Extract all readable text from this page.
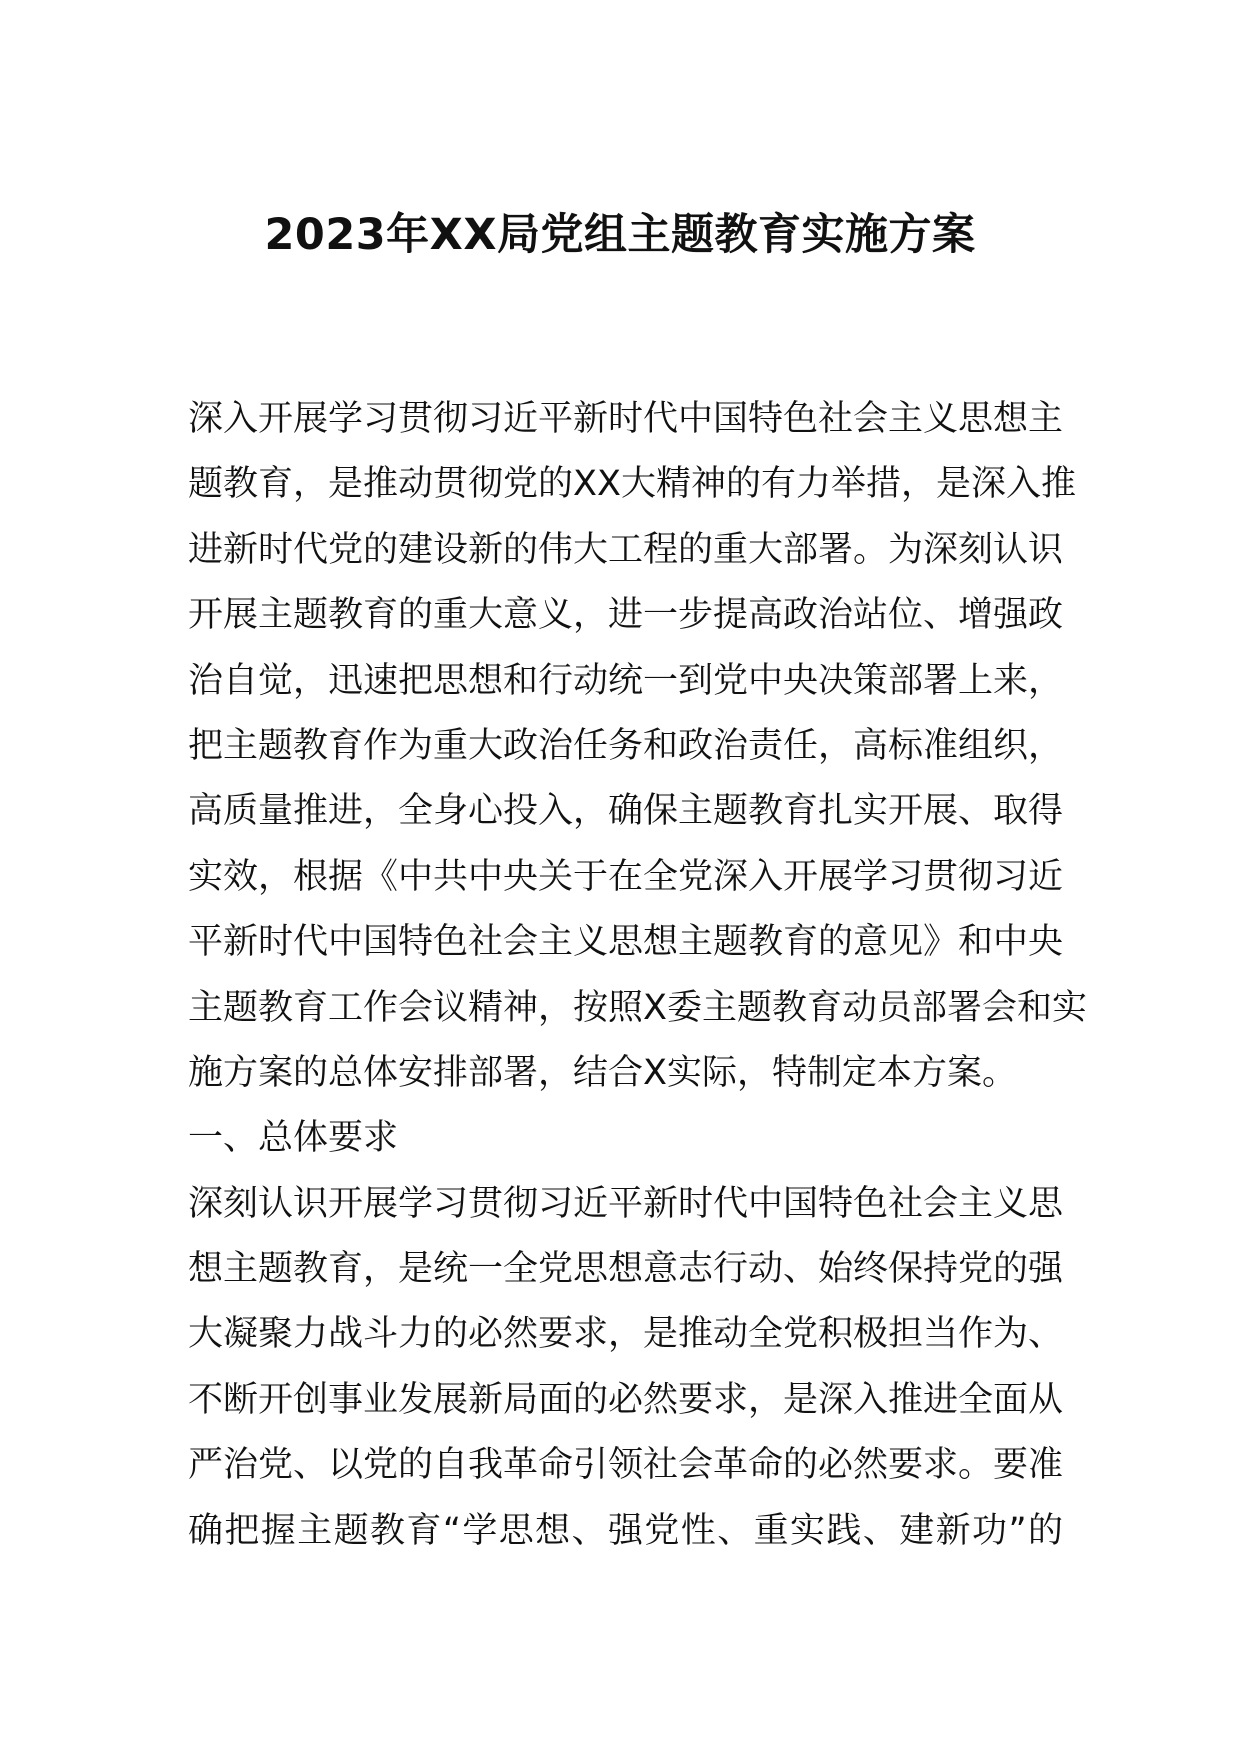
2023年XX局党组主题教育实施方案
深入开展学习贯彻习近平新时代中国特色社会主义思想主
题教育，是推动贯彻党的XX大精神的有力举措，是深入推
进新时代党的建设新的伟大工程的重大部署。为深刻认识
开展主题教育的重大意义，进一步提高政治站位、增强政
治自觉，迅速把思想和行动统一到党中央决策部署上来，
把主题教育作为重大政治任务和政治责任，高标准组织，
高质量推进，全身心投入，确保主题教育扎实开展、取得
实效，根据《中共中央关于在全党深入开展学习贯彻习近
平新时代中国特色社会主义思想主题教育的意见》和中央
主题教育工作会议精神，按照X委主题教育动员部署会和实
施方案的总体安排部署，结合X实际，特制定本方案。
一、总体要求
深刻认识开展学习贯彻习近平新时代中国特色社会主义思
想主题教育，是统一全党思想意志行动、始终保持党的强
大凝聚力战斗力的必然要求，是推动全党积极担当作为、
不断开创事业发展新局面的必然要求，是深入推进全面从
严治党、以党的自我革命引领社会革命的必然要求。要准
确把握主题教育“学思想、强党性、重实践、建新功”的
